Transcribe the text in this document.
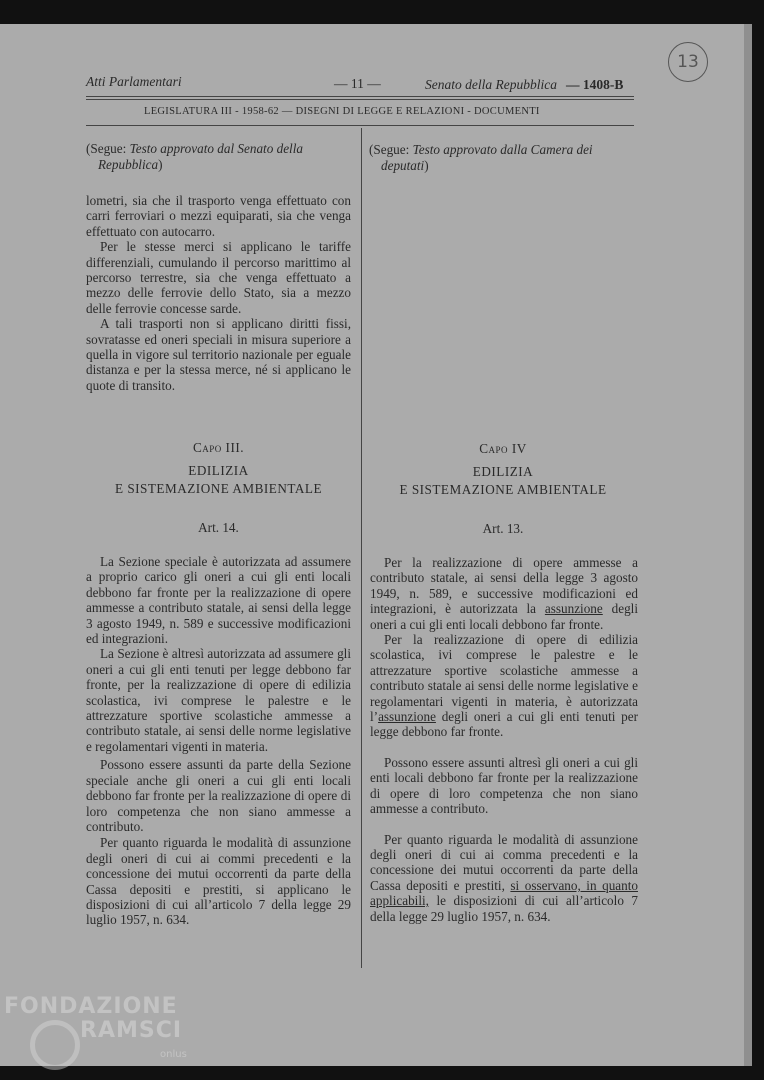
Atti Parlamentari	— 11 —	Senato della Repubblica — 1408-B
LEGISLATURA III - 1958-62 — DISEGNI DI LEGGE E RELAZIONI - DOCUMENTI
13
(Segue: Testo approvato dal Senato della
Repubblica)

lometri, sia che il trasporto venga effettuato con carri ferroviari o mezzi equiparati, sia che venga effettuato con autocarro.

Per le stesse merci si applicano le tariffe differenziali, cumulando il percorso marittimo al percorso terrestre, sia che venga effettuato a mezzo delle ferrovie dello Stato, sia a mezzo delle ferrovie concesse sarde.

A tali trasporti non si applicano diritti fissi, sovratasse ed oneri speciali in misura superiore a quella in vigore sul territorio nazionale per eguale distanza e per la stessa merce, né si applicano le quote di transito.

Capo III.
EDILIZIA
E SISTEMAZIONE AMBIENTALE
Art. 14.

La Sezione speciale è autorizzata ad assumere a proprio carico gli oneri a cui gli enti locali debbono far fronte per la realizzazione di opere ammesse a contributo statale, ai sensi della legge 3 agosto 1949, n. 589 e successive modificazioni ed integrazioni.

La Sezione è altresì autorizzata ad assumere gli oneri a cui gli enti tenuti per legge debbono far fronte, per la realizzazione di opere di edilizia scolastica, ivi comprese le palestre e le attrezzature sportive scolastiche ammesse a contributo statale, ai sensi delle norme legislative e regolamentari vigenti in materia.

Possono essere assunti da parte della Sezione speciale anche gli oneri a cui gli enti locali debbono far fronte per la realizzazione di opere di loro competenza che non siano ammesse a contributo.

Per quanto riguarda le modalità di assunzione degli oneri di cui ai commi precedenti e la concessione dei mutui occorrenti da parte della Cassa depositi e prestiti, si applicano le disposizioni di cui all’articolo 7 della legge 29 luglio 1957, n. 634.

(Segue: Testo approvato dalla Camera dei
deputati)
Capo IV
EDILIZIA
E SISTEMAZIONE AMBIENTALE
Art. 13.

Per la realizzazione di opere ammesse a contributo statale, ai sensi della legge 3 agosto 1949, n. 589, e successive modificazioni ed integrazioni, è autorizzata la assunzione degli oneri a cui gli enti locali debbono far fronte.

Per la realizzazione di opere di edilizia scolastica, ivi comprese le palestre e le attrezzature sportive scolastiche ammesse a contributo statale ai sensi delle norme legislative e regolamentari vigenti in materia, è autorizzata l’assunzione degli oneri a cui gli enti tenuti per legge debbono far fronte.

Possono essere assunti altresì gli oneri a cui gli enti locali debbono far fronte per la realizzazione di opere di loro competenza che non siano ammesse a contributo.

Per quanto riguarda le modalità di assunzione degli oneri di cui ai comma precedenti e la concessione dei mutui occorrenti da parte della Cassa depositi e prestiti, si osservano, in quanto applicabili, le disposizioni di cui all’articolo 7 della legge 29 luglio 1957, n. 634.

FONDAZIONE
RAMSCI
onlus
